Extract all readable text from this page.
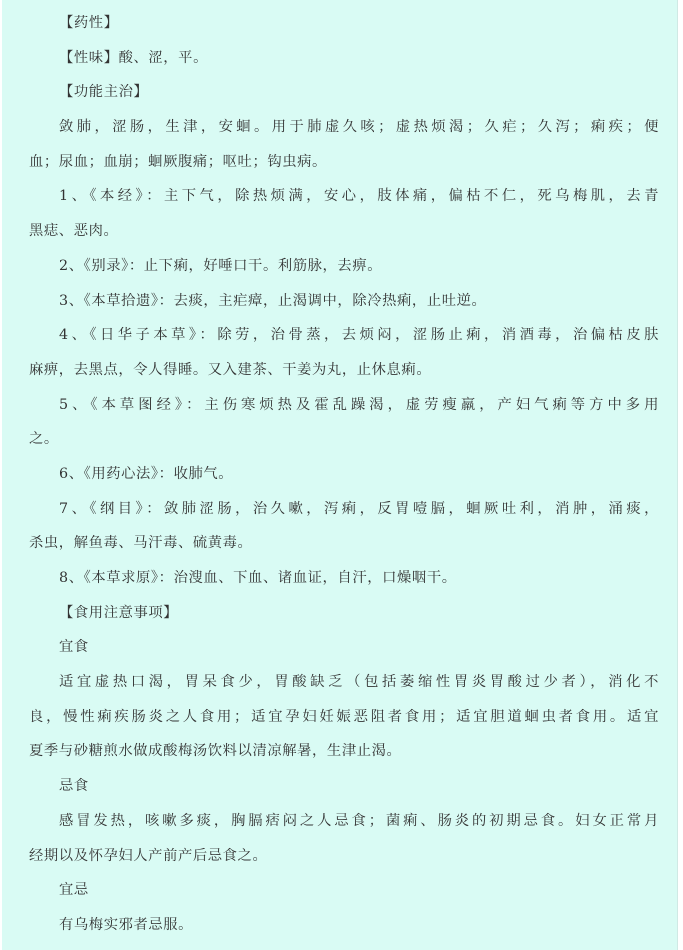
【药性】
【性味】酸、涩，平。
【功能主治】
敛肺，涩肠，生津，安蛔。用于肺虚久咳；虚热烦渴；久疟；久泻；痢疾；便
血；尿血；血崩；蛔厥腹痛；呕吐；钩虫病。
1、《本经》：主下气，除热烦满，安心，肢体痛，偏枯不仁，死乌梅肌，去青
黑痣、恶肉。
2、《别录》：止下痢，好唾口干。利筋脉，去痹。
3、《本草拾遗》：去痰，主疟瘴，止渴调中，除冷热痢，止吐逆。
4、《日华子本草》：除劳，治骨蒸，去烦闷，涩肠止痢，消酒毒，治偏枯皮肤
麻痹，去黑点，令人得睡。又入建茶、干姜为丸，止休息痢。
5、《本草图经》：主伤寒烦热及霍乱躁渴，虚劳瘦羸，产妇气痢等方中多用
之。
6、《用药心法》：收肺气。
7、《纲目》：敛肺涩肠，治久嗽，泻痢，反胃噎膈，蛔厥吐利，消肿，涌痰，
杀虫，解鱼毒、马汗毒、硫黄毒。
8、《本草求原》：治溲血、下血、诸血证，自汗，口燥咽干。
【食用注意事项】
宜食
适宜虚热口渴，胃呆食少，胃酸缺乏（包括萎缩性胃炎胃酸过少者），消化不
良，慢性痢疾肠炎之人食用；适宜孕妇妊娠恶阻者食用；适宜胆道蛔虫者食用。适宜
夏季与砂糖煎水做成酸梅汤饮料以清凉解暑，生津止渴。
忌食
感冒发热，咳嗽多痰，胸膈痞闷之人忌食；菌痢、肠炎的初期忌食。妇女正常月
经期以及怀孕妇人产前产后忌食之。
宜忌
有乌梅实邪者忌服。
